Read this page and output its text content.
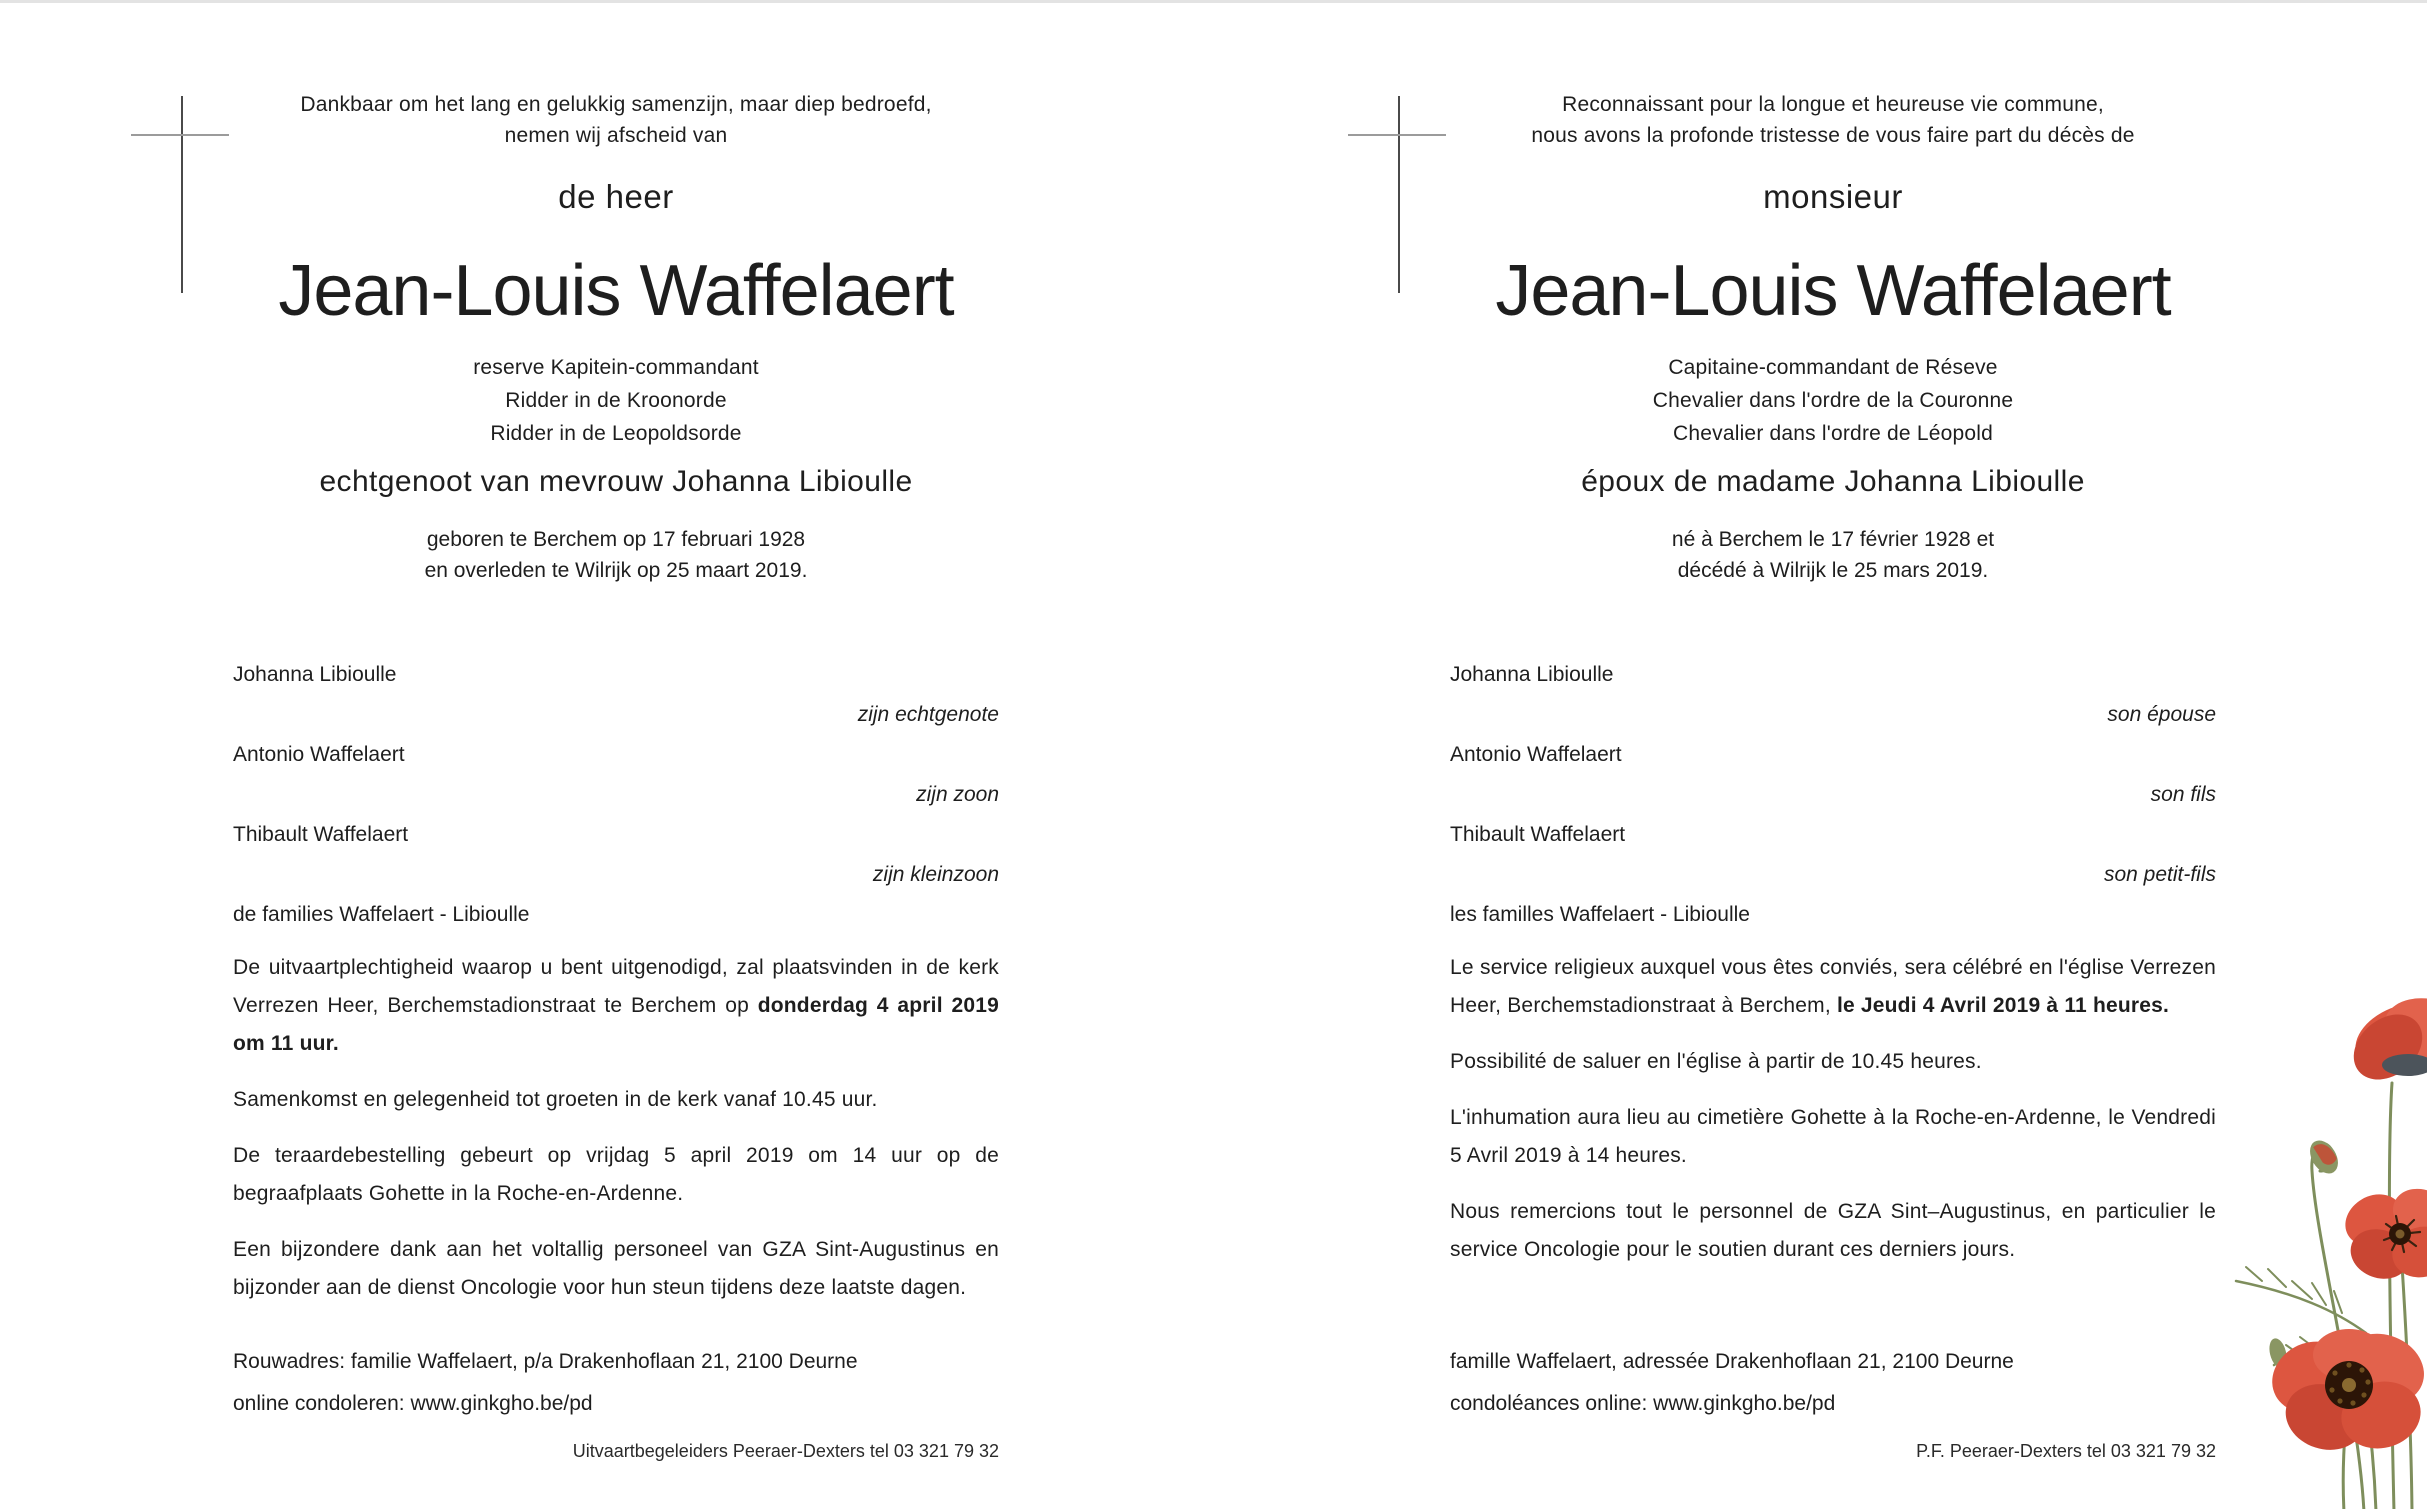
Dankbaar om het lang en gelukkig samenzijn, maar diep bedroefd,
nemen wij afscheid van

de heer

Jean-Louis Waffelaert

reserve Kapitein-commandant

Ridder in de Kroonorde

Ridder in de Leopoldsorde

echtgenoot van mevrouw Johanna Libioulle

geboren te Berchem op 17 februari 1928
en overleden te Wilrijk op 25 maart 2019.

Johanna Libioulle
zijn echtgenote
Antonio Waffelaert
zijn zoon
Thibault Waffelaert
zijn kleinzoon
de families Waffelaert - Libioulle

De uitvaartplechtigheid waarop u bent uitgenodigd, zal plaatsvinden in de kerk Verrezen Heer, Berchemstadionstraat te Berchem op donderdag 4 april 2019 om 11 uur.

Samenkomst en gelegenheid tot groeten in de kerk vanaf 10.45 uur.

De teraardebestelling gebeurt op vrijdag 5 april 2019 om 14 uur op de begraafplaats Gohette in la Roche-en-Ardenne.

Een bijzondere dank aan het voltallig personeel van GZA Sint-Augustinus en bijzonder aan de dienst Oncologie voor hun steun tijdens deze laatste dagen.

Rouwadres: familie Waffelaert, p/a Drakenhoflaan 21, 2100 Deurne
online condoleren: www.ginkgho.be/pd
Uitvaartbegeleiders Peeraer-Dexters tel 03 321 79 32

Reconnaissant pour la longue et heureuse vie commune,
nous avons la profonde tristesse de vous faire part du décès de

monsieur

Jean-Louis Waffelaert

Capitaine-commandant de Réseve

Chevalier dans l'ordre de la Couronne

Chevalier dans l'ordre de Léopold

époux de madame Johanna Libioulle

né à Berchem le 17 février 1928 et
décédé à Wilrijk le 25 mars 2019.

Johanna Libioulle
son épouse
Antonio Waffelaert
son fils
Thibault Waffelaert
son petit-fils
les familles Waffelaert - Libioulle

Le service religieux auxquel vous êtes conviés, sera célébré en l'église Verrezen Heer, Berchemstadionstraat à Berchem, le Jeudi 4 Avril 2019 à 11 heures.

Possibilité de saluer en l'église à partir de 10.45 heures.

L'inhumation aura lieu au cimetière Gohette à la Roche-en-Ardenne, le Vendredi 5 Avril 2019 à 14 heures.

Nous remercions tout le personnel de GZA Sint–Augustinus, en particulier le service Oncologie pour le soutien durant ces derniers jours.

famille Waffelaert, adressée Drakenhoflaan 21, 2100 Deurne
condoléances online: www.ginkgho.be/pd
P.F. Peeraer-Dexters tel 03 321 79 32
